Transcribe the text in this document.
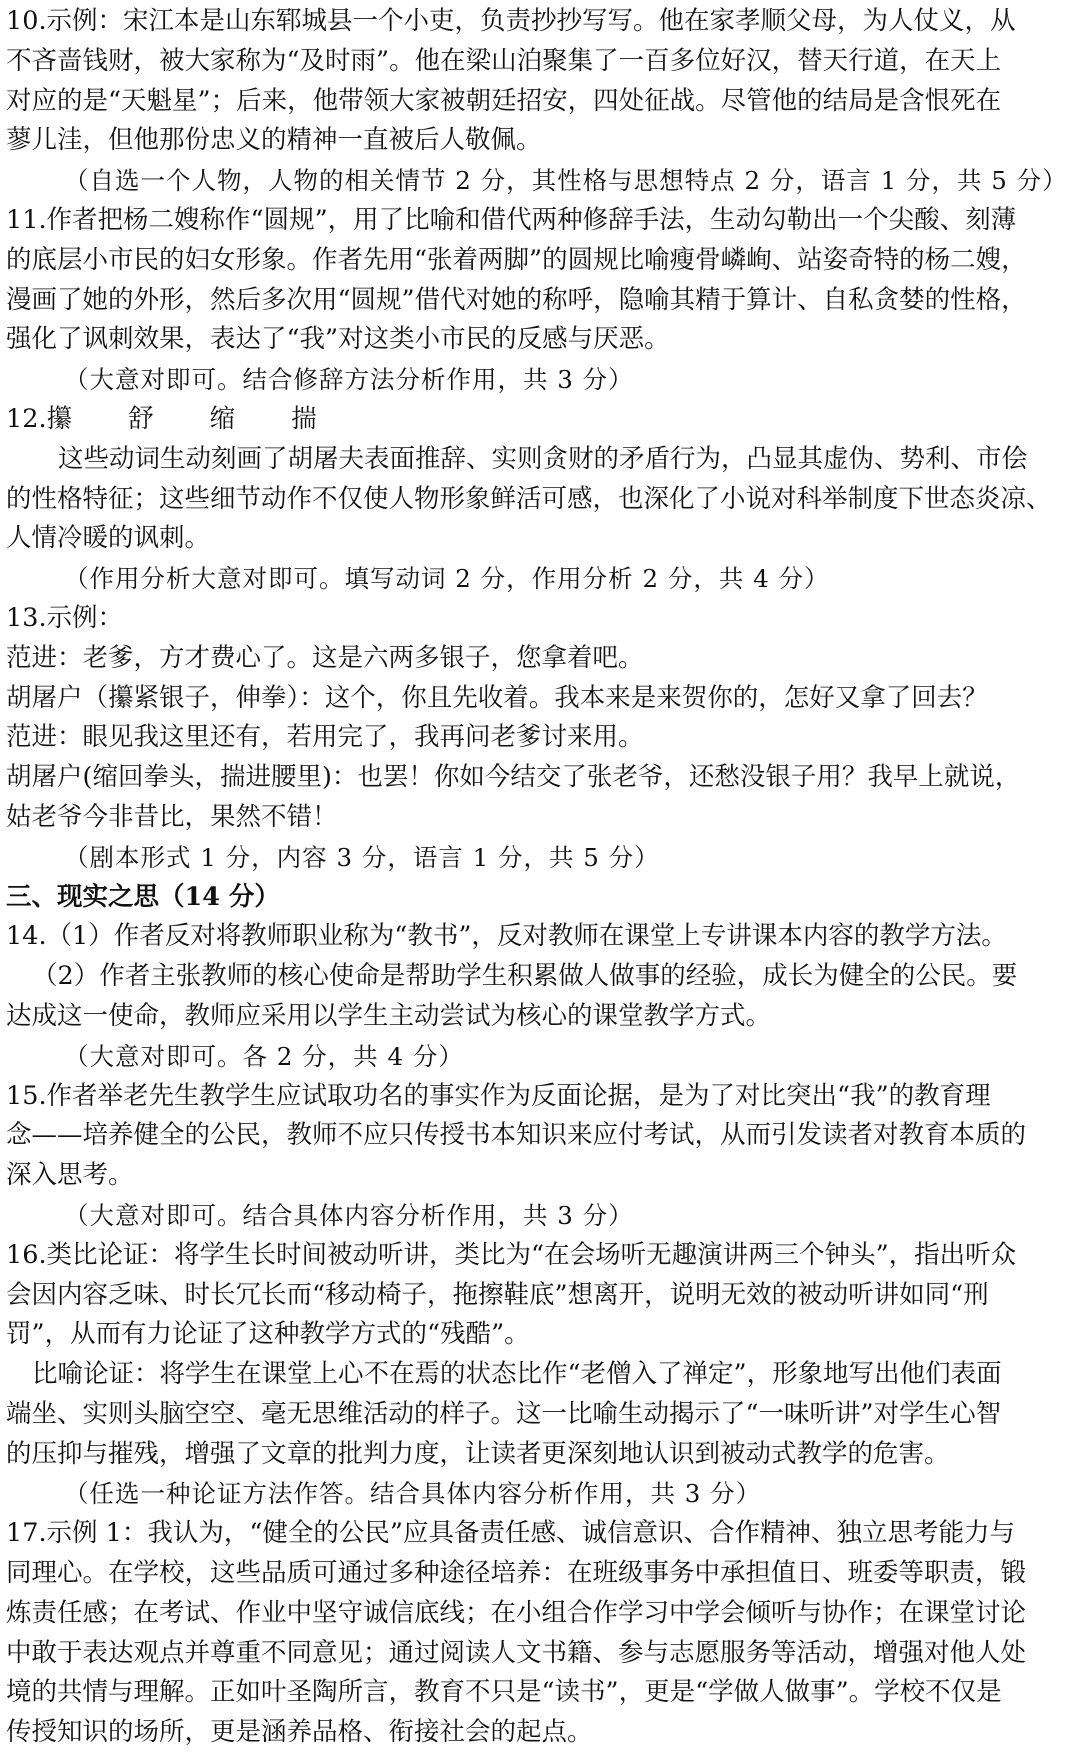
10.示例：宋江本是山东郓城县一个小吏，负责抄抄写写。他在家孝顺父母，为人仗义，从
不吝啬钱财，被大家称为“及时雨”。他在梁山泊聚集了一百多位好汉，替天行道，在天上
对应的是“天魁星”；后来，他带领大家被朝廷招安，四处征战。尽管他的结局是含恨死在
蓼儿洼，但他那份忠义的精神一直被后人敬佩。
（自选一个人物，人物的相关情节 2 分，其性格与思想特点 2 分，语言 1 分，共 5 分）
11.作者把杨二嫂称作“圆规”，用了比喻和借代两种修辞手法，生动勾勒出一个尖酸、刻薄
的底层小市民的妇女形象。作者先用“张着两脚”的圆规比喻瘦骨嶙峋、站姿奇特的杨二嫂，
漫画了她的外形，然后多次用“圆规”借代对她的称呼，隐喻其精于算计、自私贪婪的性格，
强化了讽刺效果，表达了“我”对这类小市民的反感与厌恶。
（大意对即可。结合修辞方法分析作用，共 3 分）
12.攥 舒 缩 揣
这些动词生动刻画了胡屠夫表面推辞、实则贪财的矛盾行为，凸显其虚伪、势利、市侩
的性格特征；这些细节动作不仅使人物形象鲜活可感，也深化了小说对科举制度下世态炎凉、
人情冷暖的讽刺。
（作用分析大意对即可。填写动词 2 分，作用分析 2 分，共 4 分）
13.示例：
范进：老爹，方才费心了。这是六两多银子，您拿着吧。
胡屠户（攥紧银子，伸拳）：这个，你且先收着。我本来是来贺你的，怎好又拿了回去？
范进：眼见我这里还有，若用完了，我再问老爹讨来用。
胡屠户(缩回拳头，揣进腰里)：也罢！你如今结交了张老爷，还愁没银子用？我早上就说，
姑老爷今非昔比，果然不错！
（剧本形式 1 分，内容 3 分，语言 1 分，共 5 分）
三、现实之思（14 分）
14.（1）作者反对将教师职业称为“教书”，反对教师在课堂上专讲课本内容的教学方法。
（2）作者主张教师的核心使命是帮助学生积累做人做事的经验，成长为健全的公民。要
达成这一使命，教师应采用以学生主动尝试为核心的课堂教学方式。
（大意对即可。各 2 分，共 4 分）
15.作者举老先生教学生应试取功名的事实作为反面论据，是为了对比突出“我”的教育理
念——培养健全的公民，教师不应只传授书本知识来应付考试，从而引发读者对教育本质的
深入思考。
（大意对即可。结合具体内容分析作用，共 3 分）
16.类比论证：将学生长时间被动听讲，类比为“在会场听无趣演讲两三个钟头”，指出听众
会因内容乏味、时长冗长而“移动椅子，拖擦鞋底”想离开，说明无效的被动听讲如同“刑
罚”，从而有力论证了这种教学方式的“残酷”。
比喻论证：将学生在课堂上心不在焉的状态比作“老僧入了禅定”，形象地写出他们表面
端坐、实则头脑空空、毫无思维活动的样子。这一比喻生动揭示了“一味听讲”对学生心智
的压抑与摧残，增强了文章的批判力度，让读者更深刻地认识到被动式教学的危害。
（任选一种论证方法作答。结合具体内容分析作用，共 3 分）
17.示例 1：我认为，“健全的公民”应具备责任感、诚信意识、合作精神、独立思考能力与
同理心。在学校，这些品质可通过多种途径培养：在班级事务中承担值日、班委等职责，锻
炼责任感；在考试、作业中坚守诚信底线；在小组合作学习中学会倾听与协作；在课堂讨论
中敢于表达观点并尊重不同意见；通过阅读人文书籍、参与志愿服务等活动，增强对他人处
境的共情与理解。正如叶圣陶所言，教育不只是“读书”，更是“学做人做事”。学校不仅是
传授知识的场所，更是涵养品格、衔接社会的起点。
